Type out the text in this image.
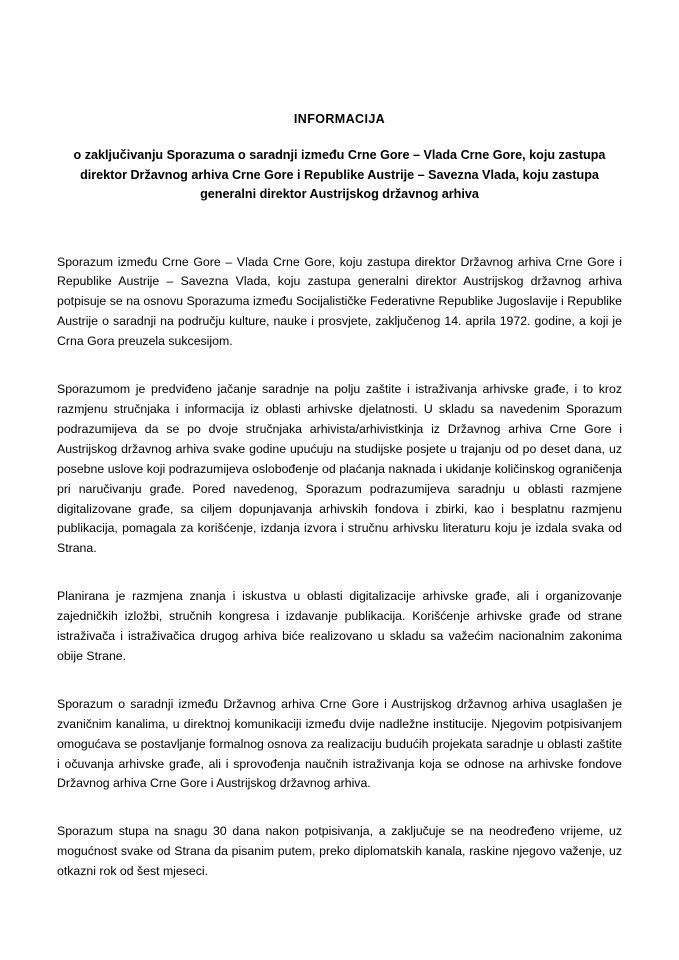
INFORMACIJA
o zaključivanju Sporazuma o saradnji između Crne Gore – Vlada Crne Gore, koju zastupa direktor Državnog arhiva Crne Gore i Republike Austrije – Savezna Vlada, koju zastupa generalni direktor Austrijskog državnog arhiva

Sporazum između Crne Gore – Vlada Crne Gore, koju zastupa direktor Državnog arhiva Crne Gore i Republike Austrije – Savezna Vlada, koju zastupa generalni direktor Austrijskog državnog arhiva potpisuje se na osnovu Sporazuma između Socijalističke Federativne Republike Jugoslavije i Republike Austrije o saradnji na području kulture, nauke i prosvjete, zaključenog 14. aprila 1972. godine, a koji je Crna Gora preuzela sukcesijom.

Sporazumom je predviđeno jačanje saradnje na polju zaštite i istraživanja arhivske građe, i to kroz razmjenu stručnjaka i informacija iz oblasti arhivske djelatnosti. U skladu sa navedenim Sporazum podrazumijeva da se po dvoje stručnjaka arhivista/arhivistkinja iz Državnog arhiva Crne Gore i Austrijskog državnog arhiva svake godine upućuju na studijske posjete u trajanju od po deset dana, uz posebne uslove koji podrazumijeva oslobođenje od plaćanja naknada i ukidanje količinskog ograničenja pri naručivanju građe. Pored navedenog, Sporazum podrazumijeva saradnju u oblasti razmjene digitalizovane građe, sa ciljem dopunjavanja arhivskih fondova i zbirki, kao i besplatnu razmjenu publikacija, pomagala za korišćenje, izdanja izvora i stručnu arhivsku literaturu koju je izdala svaka od Strana.

Planirana je razmjena znanja i iskustva u oblasti digitalizacije arhivske građe, ali i organizovanje zajedničkih izložbi, stručnih kongresa i izdavanje publikacija. Korišćenje arhivske građe od strane istraživača i istraživačica drugog arhiva biće realizovano u skladu sa važećim nacionalnim zakonima obije Strane.

Sporazum o saradnji između Državnog arhiva Crne Gore i Austrijskog državnog arhiva usaglašen je zvaničnim kanalima, u direktnoj komunikaciji između dvije nadležne institucije. Njegovim potpisivanjem omogućava se postavljanje formalnog osnova za realizaciju budućih projekata saradnje u oblasti zaštite i očuvanja arhivske građe, ali i sprovođenja naučnih istraživanja koja se odnose na arhivske fondove Državnog arhiva Crne Gore i Austrijskog državnog arhiva.

Sporazum stupa na snagu 30 dana nakon potpisivanja, a zaključuje se na neodređeno vrijeme, uz mogućnost svake od Strana da pisanim putem, preko diplomatskih kanala, raskine njegovo važenje, uz otkazni rok od šest mjeseci.
